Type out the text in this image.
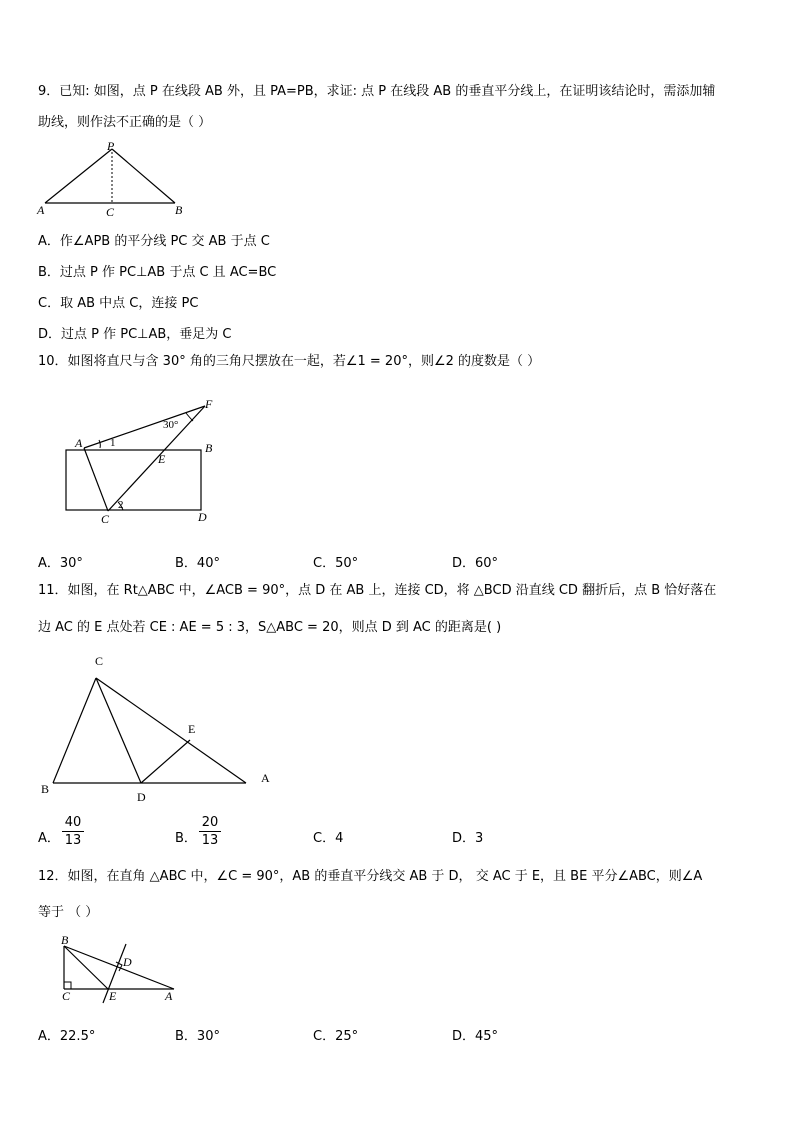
9．已知: 如图，点 P 在线段 AB 外，且 PA=PB，求证: 点 P 在线段 AB 的垂直平分线上，在证明该结论时，需添加辅
助线，则作法不正确的是（ ）
P
A	C	B
A	1	B
30°
F
E
2
C	D
C
E
B
D
A
B
D
C	E	A
A．作∠APB 的平分线 PC 交 AB 于点 C
B．过点 P 作 PC⊥AB 于点 C 且 AC=BC
C．取 AB 中点 C，连接 PC
D．过点 P 作 PC⊥AB，垂足为 C
10．如图将直尺与含 30° 角的三角尺摆放在一起，若∠1 = 20°，则∠2 的度数是（ ）
A．30°	B．40°	C．50°	D．60°
11．如图，在 Rt△ABC 中，∠ACB = 90°，点 D 在 AB 上，连接 CD，将 △BCD 沿直线 CD 翻折后，点 B 恰好落在
边 AC 的 E 点处若 CE : AE = 5 : 3，S△ABC = 20，则点 D 到 AC 的距离是( )
A．
40
13	B．
20
13	C．4	D．3
12．如图，在直角 △ABC 中，∠C = 90°，AB 的垂直平分线交 AB 于 D， 交 AC 于 E，且 BE 平分∠ABC，则∠A
等于 （ ）
A．22.5°	B．30°	C．25°	D．45°
